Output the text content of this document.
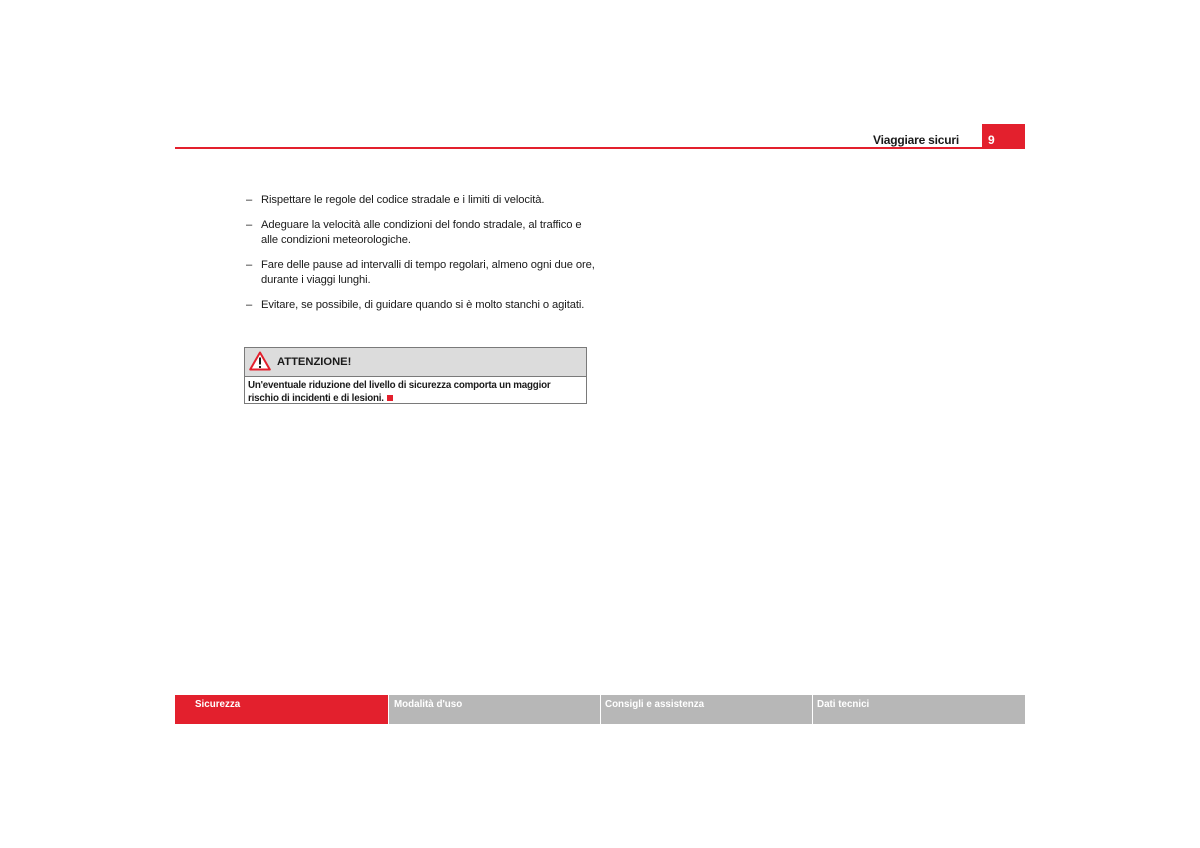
Viaggiare sicuri 9
– Rispettare le regole del codice stradale e i limiti di velocità.
– Adeguare la velocità alle condizioni del fondo stradale, al traffico e alle condizioni meteorologiche.
– Fare delle pause ad intervalli di tempo regolari, almeno ogni due ore, durante i viaggi lunghi.
– Evitare, se possibile, di guidare quando si è molto stanchi o agitati.
ATTENZIONE!
Un'eventuale riduzione del livello di sicurezza comporta un maggior rischio di incidenti e di lesioni.
Sicurezza	Modalità d'uso	Consigli e assistenza	Dati tecnici
